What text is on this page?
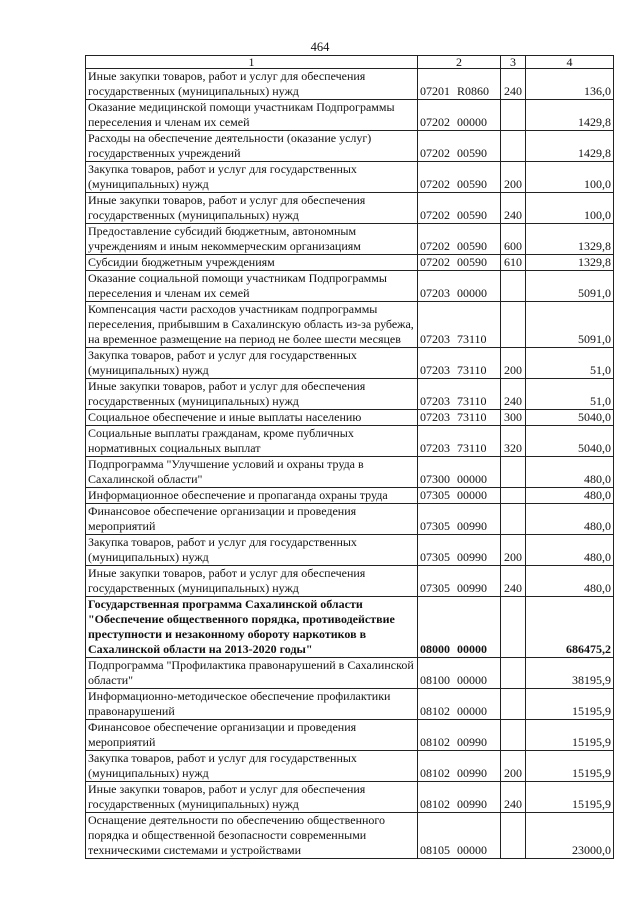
464
1	2	3	4
Иные закупки товаров, работ и услуг для обеспечения государственных (муниципальных) нужд	07201 R0860	240	136,0
Оказание медицинской помощи участникам Подпрограммы переселения и членам их семей	07202 00000		1429,8
Расходы на обеспечение деятельности (оказание услуг) государственных учреждений	07202 00590		1429,8
Закупка товаров, работ и услуг для государственных (муниципальных) нужд	07202 00590	200	100,0
Иные закупки товаров, работ и услуг для обеспечения государственных (муниципальных) нужд	07202 00590	240	100,0
Предоставление субсидий бюджетным, автономным учреждениям и иным некоммерческим организациям	07202 00590	600	1329,8
Субсидии бюджетным учреждениям	07202 00590	610	1329,8
Оказание социальной помощи участникам Подпрограммы переселения и членам их семей	07203 00000		5091,0
Компенсация части расходов участникам подпрограммы переселения, прибывшим в Сахалинскую область из-за рубежа, на временное размещение на период не более шести месяцев	07203 73110		5091,0
Закупка товаров, работ и услуг для государственных (муниципальных) нужд	07203 73110	200	51,0
Иные закупки товаров, работ и услуг для обеспечения государственных (муниципальных) нужд	07203 73110	240	51,0
Социальное обеспечение и иные выплаты населению	07203 73110	300	5040,0
Социальные выплаты гражданам, кроме публичных нормативных социальных выплат	07203 73110	320	5040,0
Подпрограмма "Улучшение условий и охраны труда в Сахалинской области"	07300 00000		480,0
Информационное обеспечение и пропаганда охраны труда	07305 00000		480,0
Финансовое обеспечение организации и проведения мероприятий	07305 00990		480,0
Закупка товаров, работ и услуг для государственных (муниципальных) нужд	07305 00990	200	480,0
Иные закупки товаров, работ и услуг для обеспечения государственных (муниципальных) нужд	07305 00990	240	480,0
Государственная программа Сахалинской области "Обеспечение общественного порядка, противодействие преступности и незаконному обороту наркотиков в Сахалинской области на 2013-2020 годы"	08000 00000		686475,2
Подпрограмма "Профилактика правонарушений в Сахалинской области"	08100 00000		38195,9
Информационно-методическое обеспечение профилактики правонарушений	08102 00000		15195,9
Финансовое обеспечение организации и проведения мероприятий	08102 00990		15195,9
Закупка товаров, работ и услуг для государственных (муниципальных) нужд	08102 00990	200	15195,9
Иные закупки товаров, работ и услуг для обеспечения государственных (муниципальных) нужд	08102 00990	240	15195,9
Оснащение деятельности по обеспечению общественного порядка и общественной безопасности современными техническими системами и устройствами	08105 00000		23000,0
